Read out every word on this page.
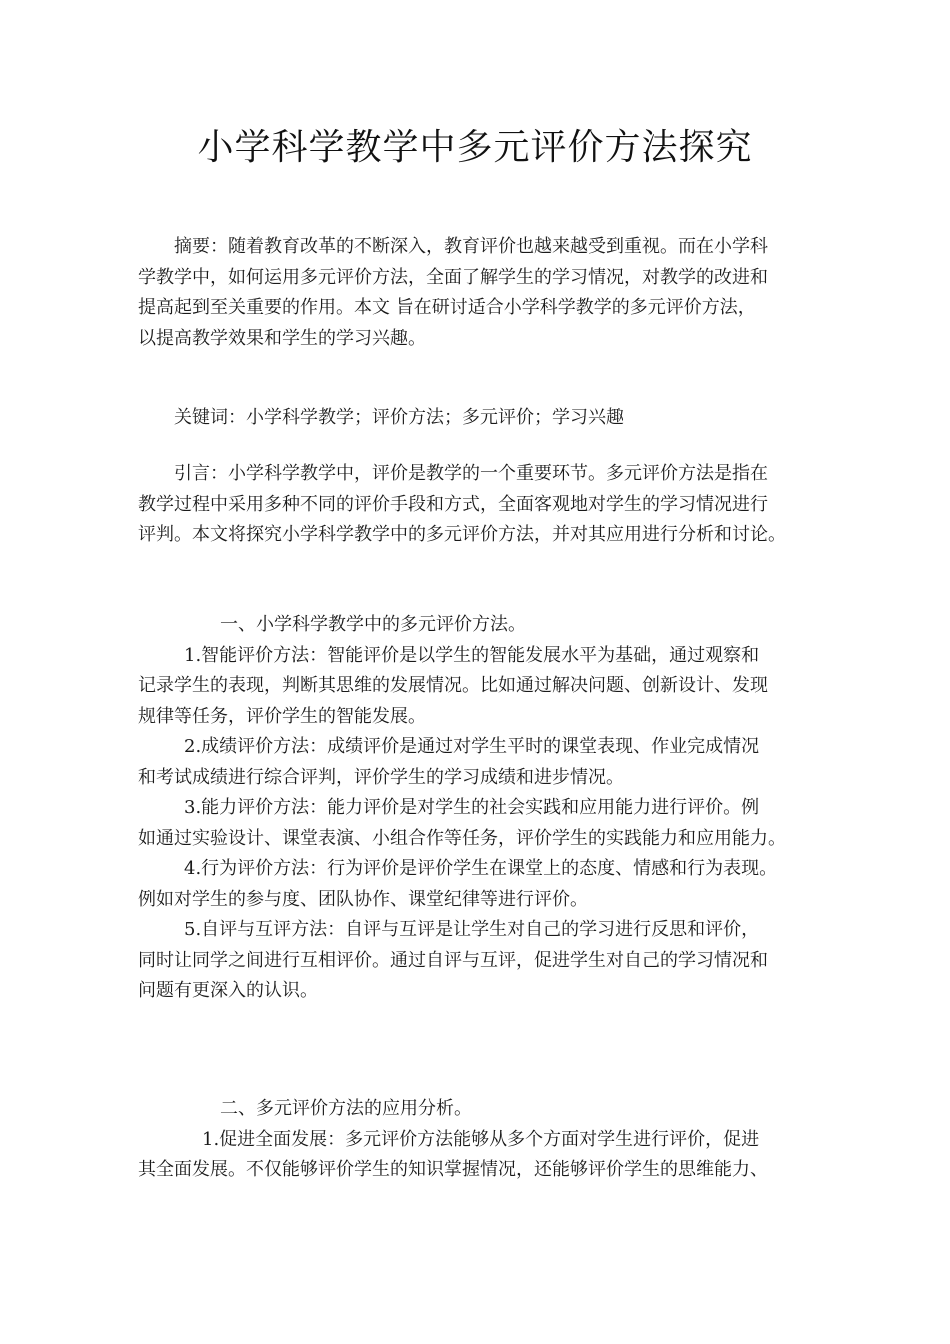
小学科学教学中多元评价方法探究
摘要：随着教育改革的不断深入，教育评价也越来越受到重视。而在小学科
学教学中，如何运用多元评价方法，全面了解学生的学习情况，对教学的改进和
提高起到至关重要的作用。本文 旨在研讨适合小学科学教学的多元评价方法，
以提高教学效果和学生的学习兴趣。
关键词：小学科学教学；评价方法；多元评价；学习兴趣
引言：小学科学教学中，评价是教学的一个重要环节。多元评价方法是指在
教学过程中采用多种不同的评价手段和方式，全面客观地对学生的学习情况进行
评判。本文将探究小学科学教学中的多元评价方法，并对其应用进行分析和讨论。
一、小学科学教学中的多元评价方法。
1.智能评价方法：智能评价是以学生的智能发展水平为基础，通过观察和
记录学生的表现，判断其思维的发展情况。比如通过解决问题、创新设计、发现
规律等任务，评价学生的智能发展。
2.成绩评价方法：成绩评价是通过对学生平时的课堂表现、作业完成情况
和考试成绩进行综合评判，评价学生的学习成绩和进步情况。
3.能力评价方法：能力评价是对学生的社会实践和应用能力进行评价。例
如通过实验设计、课堂表演、小组合作等任务，评价学生的实践能力和应用能力。
4.行为评价方法：行为评价是评价学生在课堂上的态度、情感和行为表现。
例如对学生的参与度、团队协作、课堂纪律等进行评价。
5.自评与互评方法：自评与互评是让学生对自己的学习进行反思和评价，
同时让同学之间进行互相评价。通过自评与互评，促进学生对自己的学习情况和
问题有更深入的认识。
二、多元评价方法的应用分析。
1.促进全面发展：多元评价方法能够从多个方面对学生进行评价，促进
其全面发展。不仅能够评价学生的知识掌握情况，还能够评价学生的思维能力、
